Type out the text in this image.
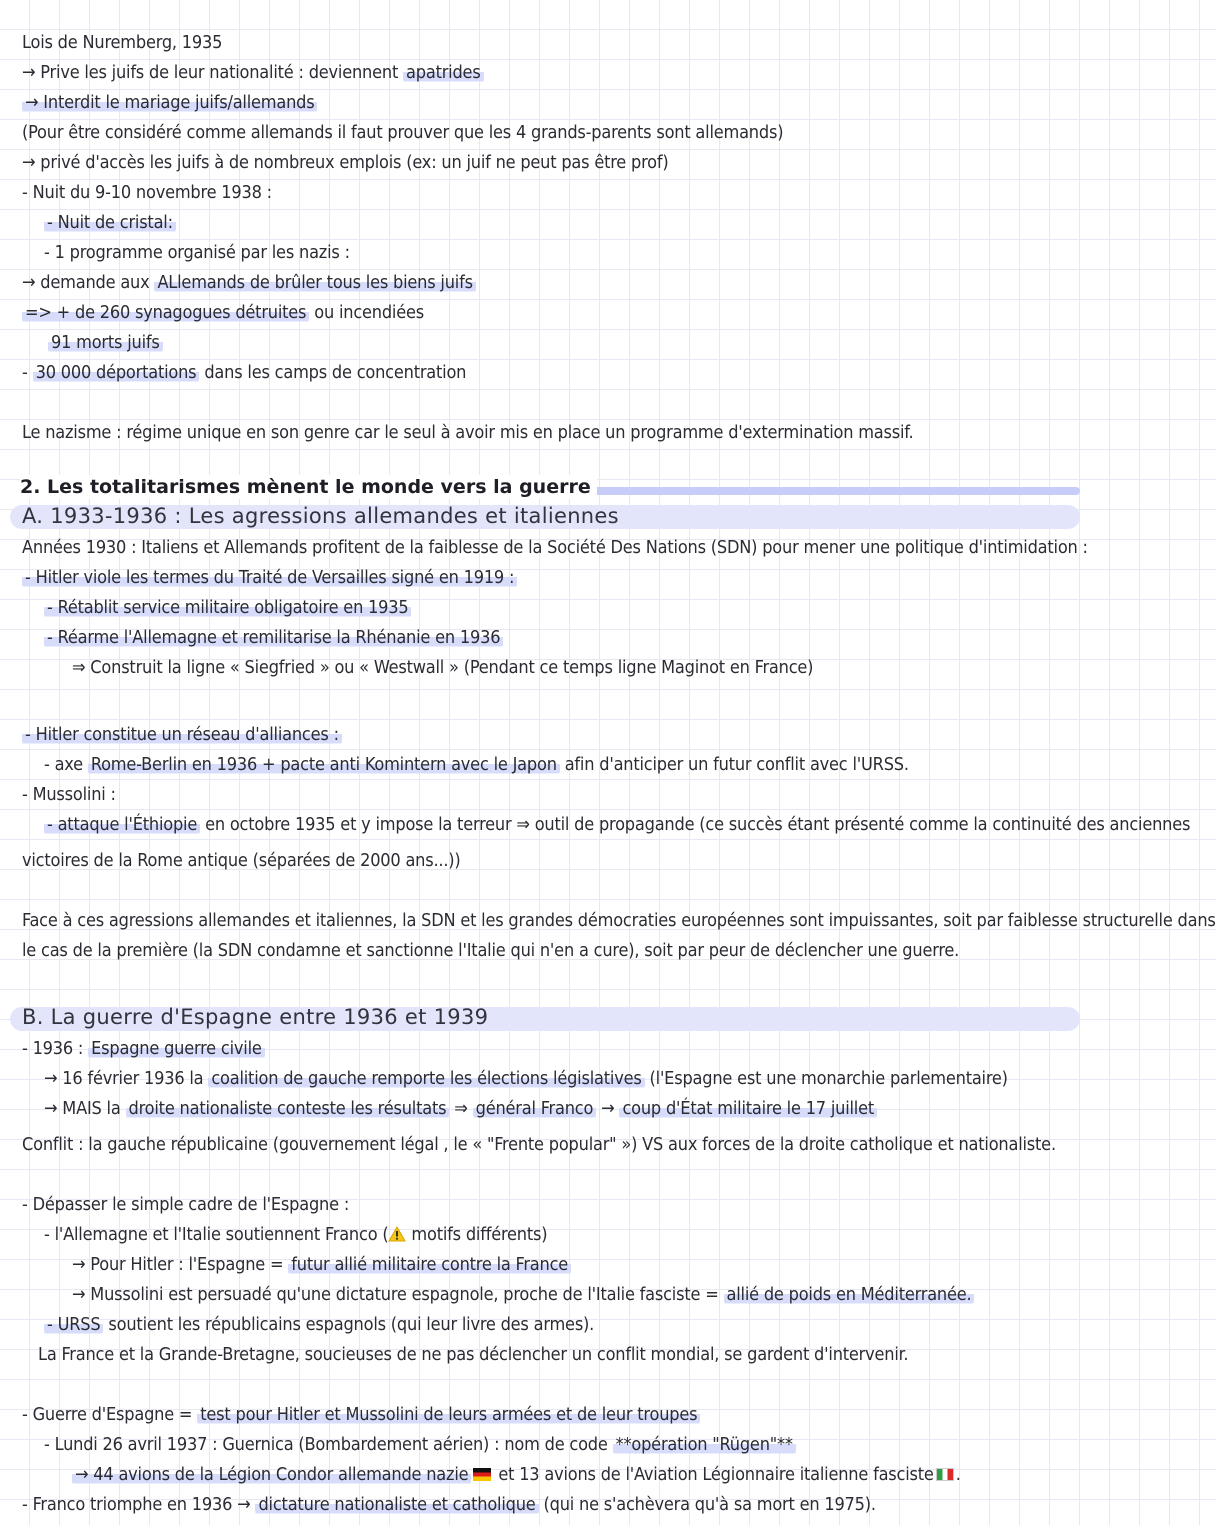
Lois de Nuremberg, 1935
→ Prive les juifs de leur nationalité : deviennent apatrides
→ Interdit le mariage juifs/allemands
(Pour être considéré comme allemands il faut prouver que les 4 grands-parents sont allemands)
→ privé d'accès les juifs à de nombreux emplois (ex: un juif ne peut pas être prof)
- Nuit du 9-10 novembre 1938 :
- Nuit de cristal:
- 1 programme organisé par les nazis :
→ demande aux ALlemands de brûler tous les biens juifs
=> + de 260 synagogues détruites ou incendiées
91 morts juifs
- 30 000 déportations dans les camps de concentration
Le nazisme : régime unique en son genre car le seul à avoir mis en place un programme d'extermination massif.
2. Les totalitarismes mènent le monde vers la guerre
A. 1933-1936 : Les agressions allemandes et italiennes
Années 1930 : Italiens et Allemands profitent de la faiblesse de la Société Des Nations (SDN) pour mener une politique d'intimidation :
- Hitler viole les termes du Traité de Versailles signé en 1919 :
- Rétablit service militaire obligatoire en 1935
- Réarme l'Allemagne et remilitarise la Rhénanie en 1936
⇒ Construit la ligne « Siegfried » ou « Westwall » (Pendant ce temps ligne Maginot en France)
- Hitler constitue un réseau d'alliances :
- axe Rome-Berlin en 1936 + pacte anti Komintern avec le Japon afin d'anticiper un futur conflit avec l'URSS.
- Mussolini :
- attaque l'Éthiopie en octobre 1935 et y impose la terreur ⇒ outil de propagande (ce succès étant présenté comme la continuité des anciennes
victoires de la Rome antique (séparées de 2000 ans...))
Face à ces agressions allemandes et italiennes, la SDN et les grandes démocraties européennes sont impuissantes, soit par faiblesse structurelle dans
le cas de la première (la SDN condamne et sanctionne l'Italie qui n'en a cure), soit par peur de déclencher une guerre.
B. La guerre d'Espagne entre 1936 et 1939
- 1936 : Espagne guerre civile
→ 16 février 1936 la coalition de gauche remporte les élections législatives (l'Espagne est une monarchie parlementaire)
→ MAIS la droite nationaliste conteste les résultats ⇒ général Franco → coup d'État militaire le 17 juillet
Conflit : la gauche républicaine (gouvernement légal , le « "Frente popular" ») VS aux forces de la droite catholique et nationaliste.
- Dépasser le simple cadre de l'Espagne :
- l'Allemagne et l'Italie soutiennent Franco ( motifs différents)
→ Pour Hitler : l'Espagne = futur allié militaire contre la France
→ Mussolini est persuadé qu'une dictature espagnole, proche de l'Italie fasciste = allié de poids en Méditerranée.
- URSS soutient les républicains espagnols (qui leur livre des armes).
La France et la Grande-Bretagne, soucieuses de ne pas déclencher un conflit mondial, se gardent d'intervenir.
- Guerre d'Espagne = test pour Hitler et Mussolini de leurs armées et de leur troupes
- Lundi 26 avril 1937 : Guernica (Bombardement aérien) : nom de code **opération "Rügen"**
→ 44 avions de la Légion Condor allemande nazie et 13 avions de l'Aviation Légionnaire italienne fasciste .
- Franco triomphe en 1936 → dictature nationaliste et catholique (qui ne s'achèvera qu'à sa mort en 1975).
